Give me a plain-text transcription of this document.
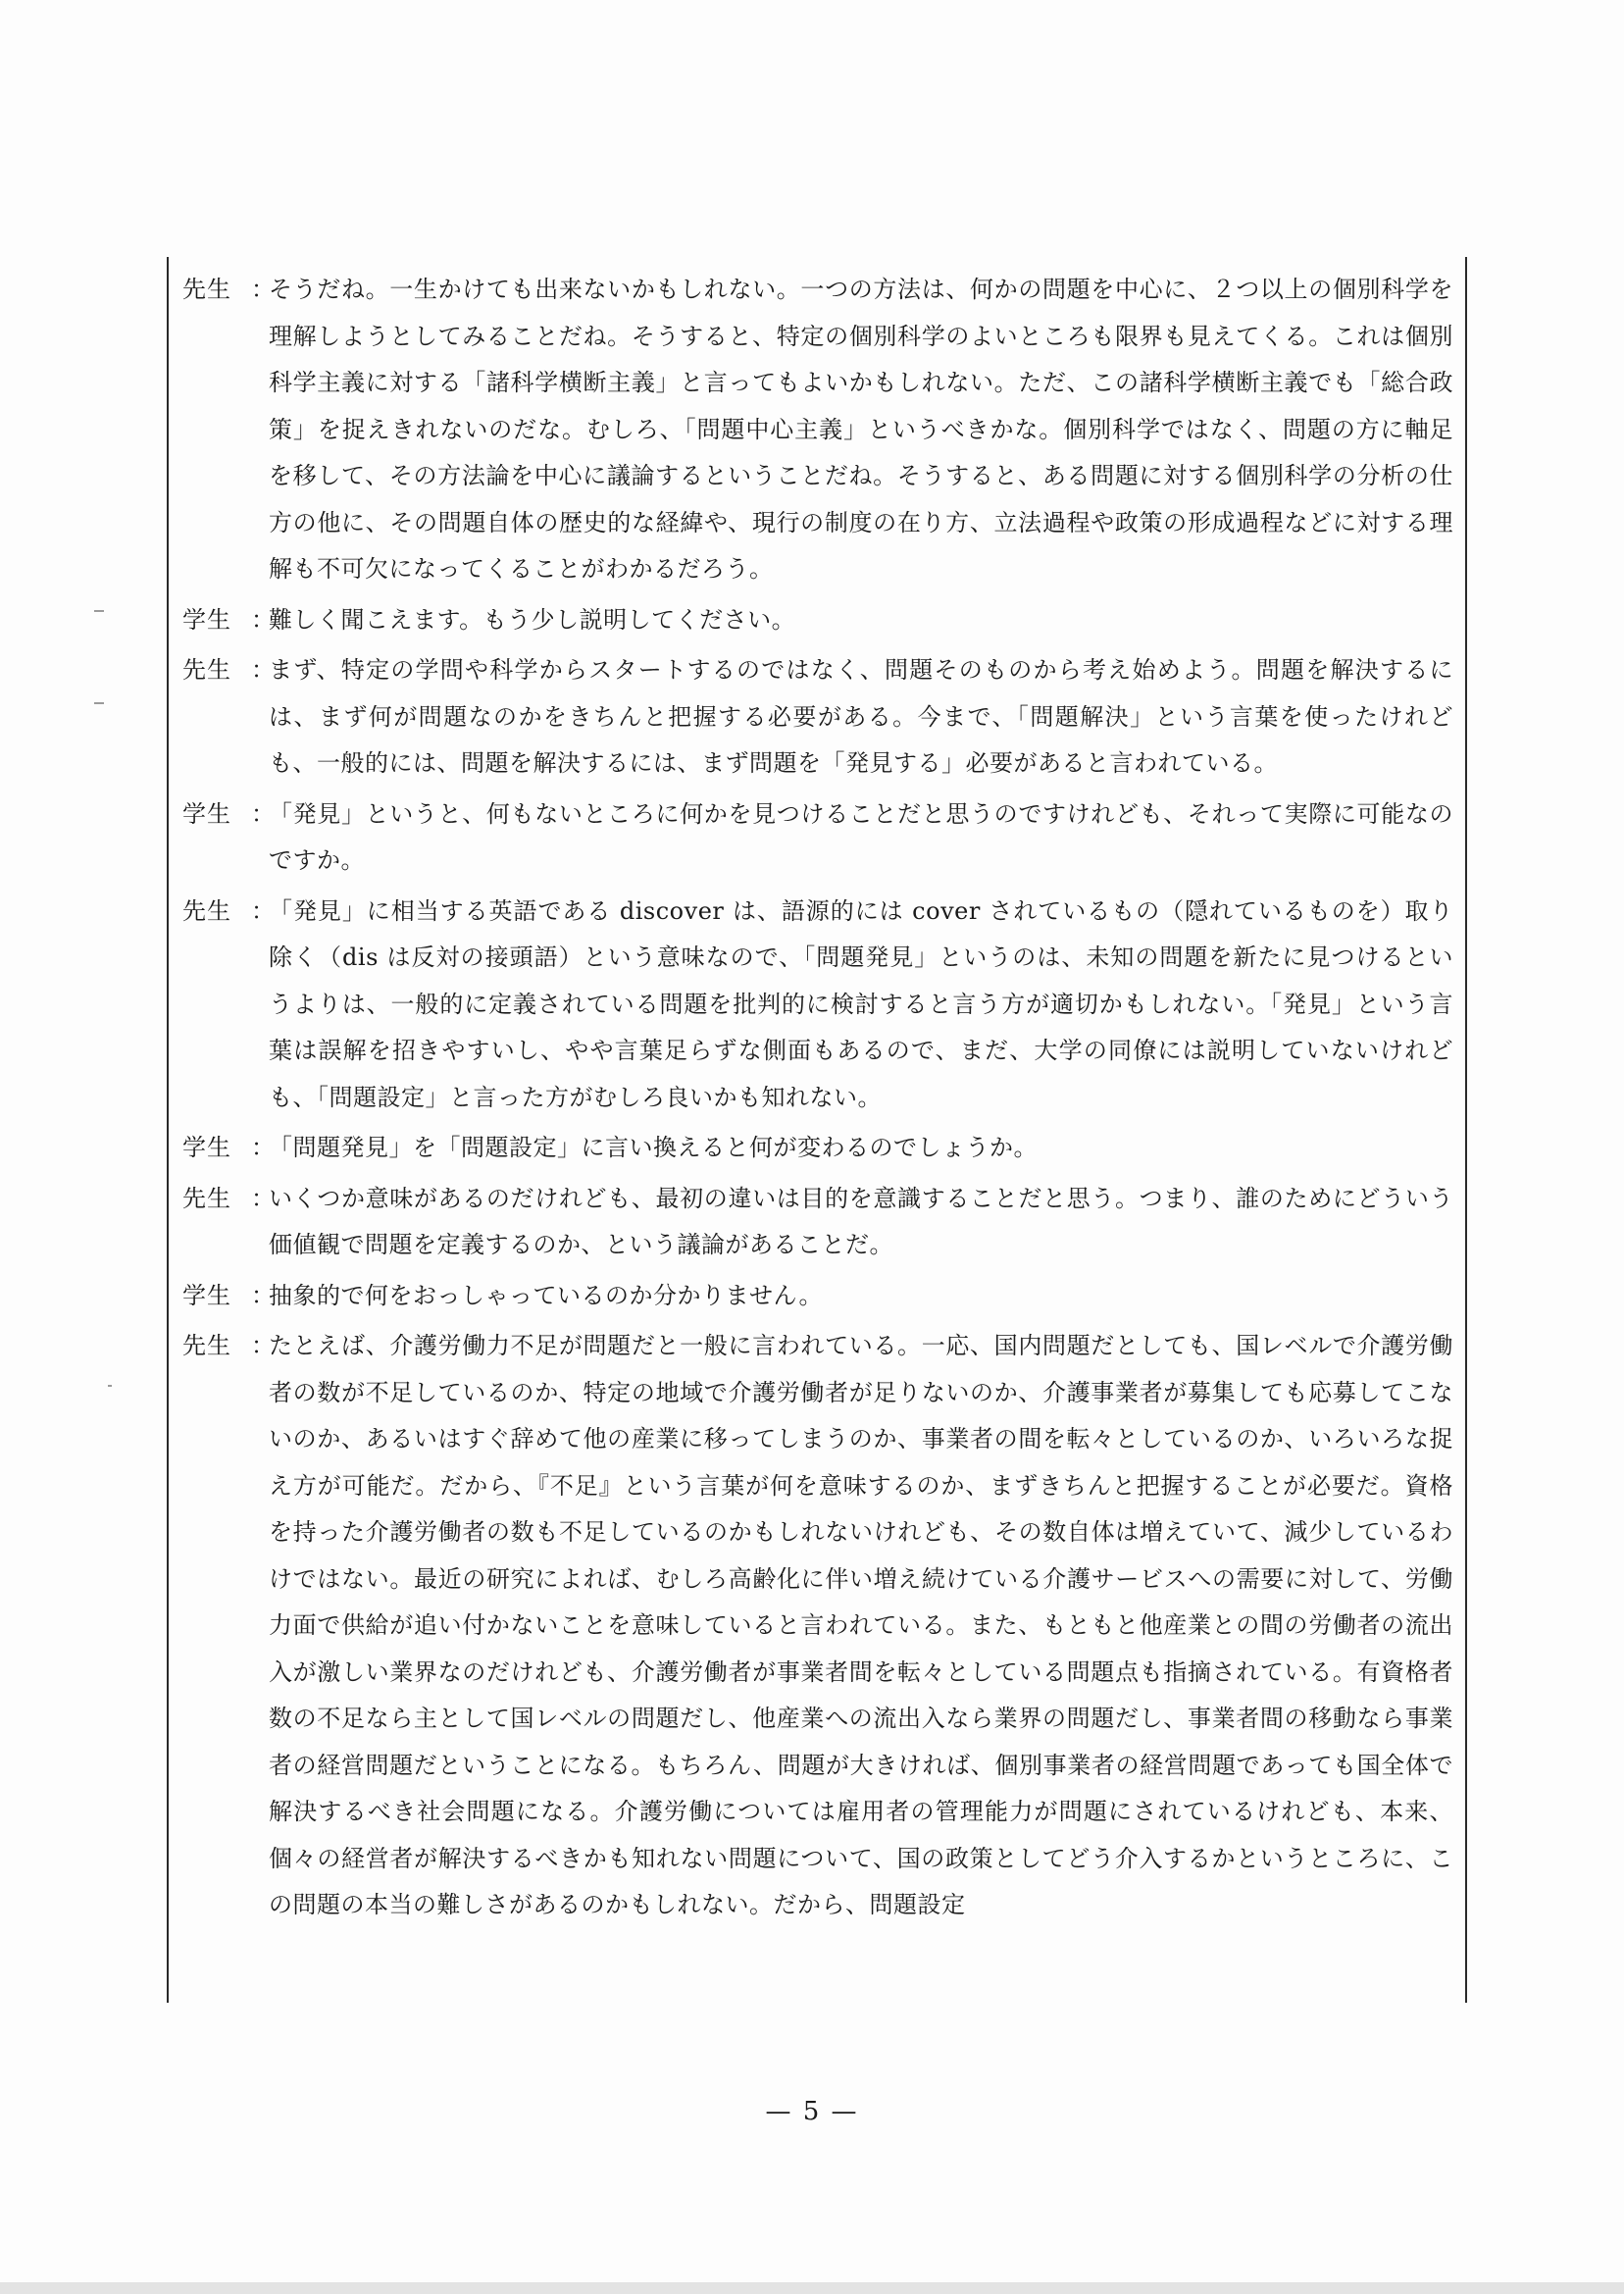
先生 ：
そうだね。一生かけても出来ないかもしれない。一つの方法は、何かの問題を中心に、２つ以上の個別科学を理解しようとしてみることだね。そうすると、特定の個別科学のよいところも限界も見えてくる。これは個別科学主義に対する「諸科学横断主義」と言ってもよいかもしれない。ただ、この諸科学横断主義でも「総合政策」を捉えきれないのだな。むしろ、「問題中心主義」というべきかな。個別科学ではなく、問題の方に軸足を移して、その方法論を中心に議論するということだね。そうすると、ある問題に対する個別科学の分析の仕方の他に、その問題自体の歴史的な経緯や、現行の制度の在り方、立法過程や政策の形成過程などに対する理解も不可欠になってくることがわかるだろう。
学生 ：
難しく聞こえます。もう少し説明してください。
先生 ：
まず、特定の学問や科学からスタートするのではなく、問題そのものから考え始めよう。問題を解決するには、まず何が問題なのかをきちんと把握する必要がある。今まで、「問題解決」という言葉を使ったけれども、一般的には、問題を解決するには、まず問題を「発見する」必要があると言われている。
学生 ：
「発見」というと、何もないところに何かを見つけることだと思うのですけれども、それって実際に可能なのですか。
先生 ：
「発見」に相当する英語である discover は、語源的には cover されているもの（隠れているものを）取り除く（dis は反対の接頭語）という意味なので、「問題発見」というのは、未知の問題を新たに見つけるというよりは、一般的に定義されている問題を批判的に検討すると言う方が適切かもしれない。「発見」という言葉は誤解を招きやすいし、やや言葉足らずな側面もあるので、まだ、大学の同僚には説明していないけれども、「問題設定」と言った方がむしろ良いかも知れない。
学生 ：
「問題発見」を「問題設定」に言い換えると何が変わるのでしょうか。
先生 ：
いくつか意味があるのだけれども、最初の違いは目的を意識することだと思う。つまり、誰のためにどういう価値観で問題を定義するのか、という議論があることだ。
学生 ：
抽象的で何をおっしゃっているのか分かりません。
先生 ：
たとえば、介護労働力不足が問題だと一般に言われている。一応、国内問題だとしても、国レベルで介護労働者の数が不足しているのか、特定の地域で介護労働者が足りないのか、介護事業者が募集しても応募してこないのか、あるいはすぐ辞めて他の産業に移ってしまうのか、事業者の間を転々としているのか、いろいろな捉え方が可能だ。だから、『不足』という言葉が何を意味するのか、まずきちんと把握することが必要だ。資格を持った介護労働者の数も不足しているのかもしれないけれども、その数自体は増えていて、減少しているわけではない。最近の研究によれば、むしろ高齢化に伴い増え続けている介護サービスへの需要に対して、労働力面で供給が追い付かないことを意味していると言われている。また、もともと他産業との間の労働者の流出入が激しい業界なのだけれども、介護労働者が事業者間を転々としている問題点も指摘されている。有資格者数の不足なら主として国レベルの問題だし、他産業への流出入なら業界の問題だし、事業者間の移動なら事業者の経営問題だということになる。もちろん、問題が大きければ、個別事業者の経営問題であっても国全体で解決するべき社会問題になる。介護労働については雇用者の管理能力が問題にされているけれども、本来、個々の経営者が解決するべきかも知れない問題について、国の政策としてどう介入するかというところに、この問題の本当の難しさがあるのかもしれない。だから、問題設定
— 5 —
